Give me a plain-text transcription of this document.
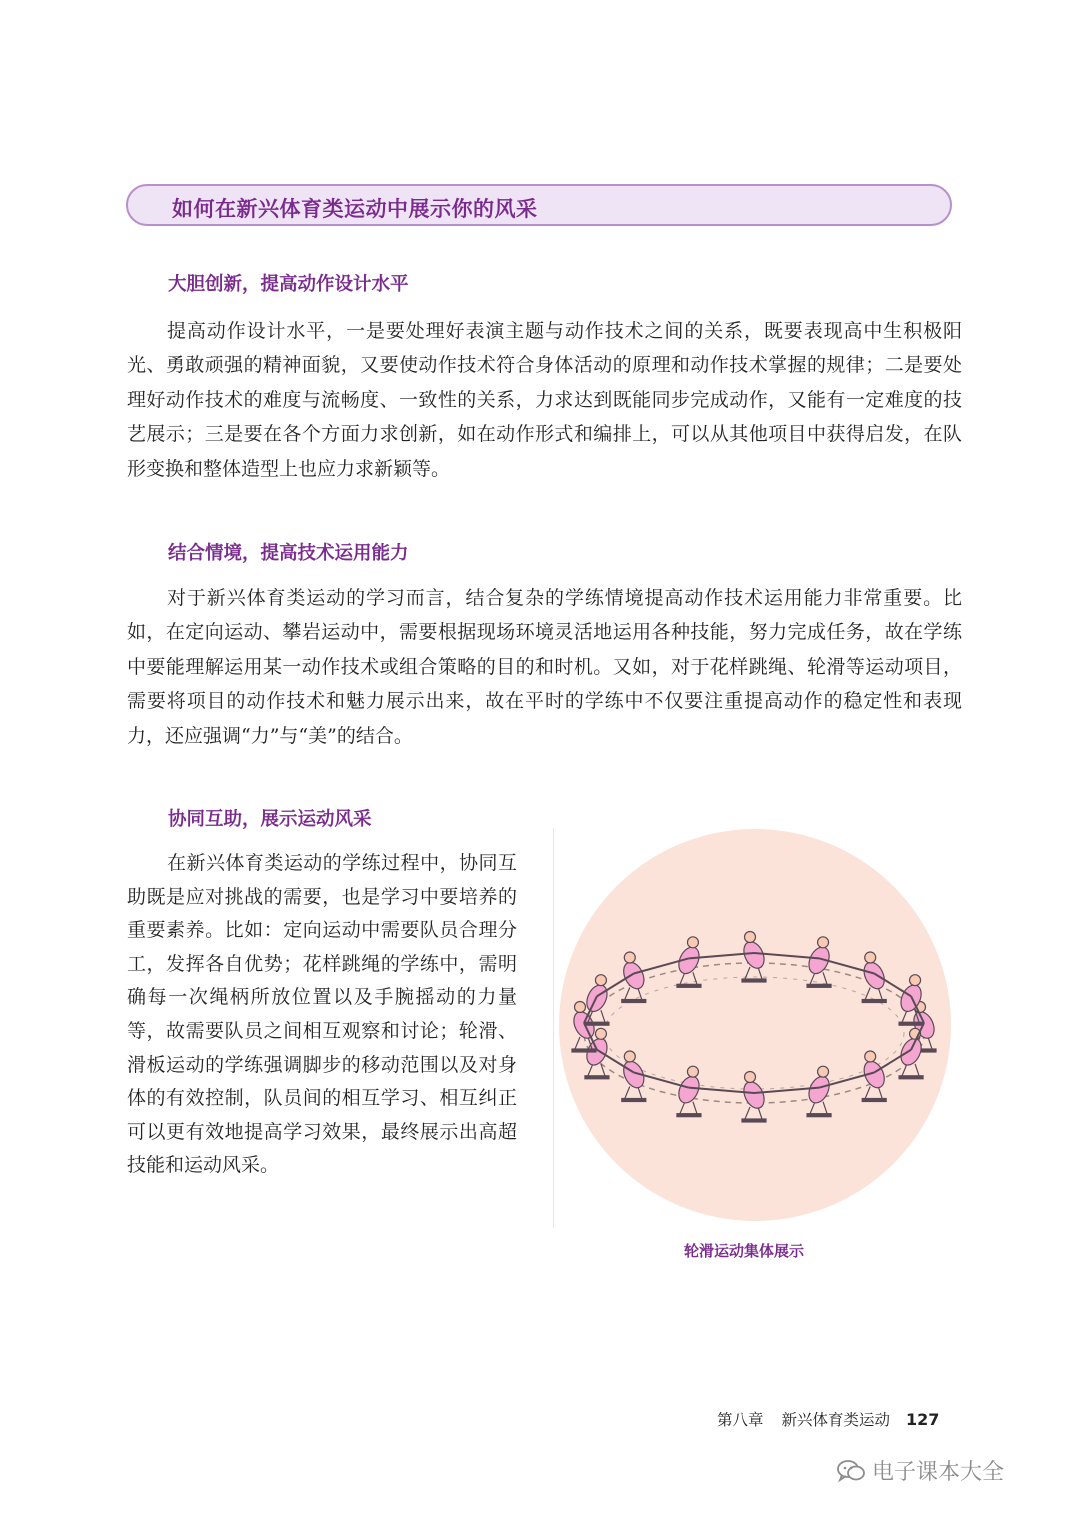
如何在新兴体育类运动中展示你的风采
大胆创新，提高动作设计水平

提高动作设计水平，一是要处理好表演主题与动作技术之间的关系，既要表现高中生积极阳光、勇敢顽强的精神面貌，又要使动作技术符合身体活动的原理和动作技术掌握的规律；二是要处理好动作技术的难度与流畅度、一致性的关系，力求达到既能同步完成动作，又能有一定难度的技艺展示；三是要在各个方面力求创新，如在动作形式和编排上，可以从其他项目中获得启发，在队形变换和整体造型上也应力求新颖等。

结合情境，提高技术运用能力

对于新兴体育类运动的学习而言，结合复杂的学练情境提高动作技术运用能力非常重要。比如，在定向运动、攀岩运动中，需要根据现场环境灵活地运用各种技能，努力完成任务，故在学练中要能理解运用某一动作技术或组合策略的目的和时机。又如，对于花样跳绳、轮滑等运动项目，需要将项目的动作技术和魅力展示出来，故在平时的学练中不仅要注重提高动作的稳定性和表现力，还应强调“力”与“美”的结合。

协同互助，展示运动风采

在新兴体育类运动的学练过程中，协同互助既是应对挑战的需要，也是学习中要培养的重要素养。比如：定向运动中需要队员合理分工，发挥各自优势；花样跳绳的学练中，需明确每一次绳柄所放位置以及手腕摇动的力量等，故需要队员之间相互观察和讨论；轮滑、滑板运动的学练强调脚步的移动范围以及对身体的有效控制，队员间的相互学习、相互纠正可以更有效地提高学习效果，最终展示出高超技能和运动风采。

轮滑运动集体展示
第八章 新兴体育类运动 127
电子课本大全
